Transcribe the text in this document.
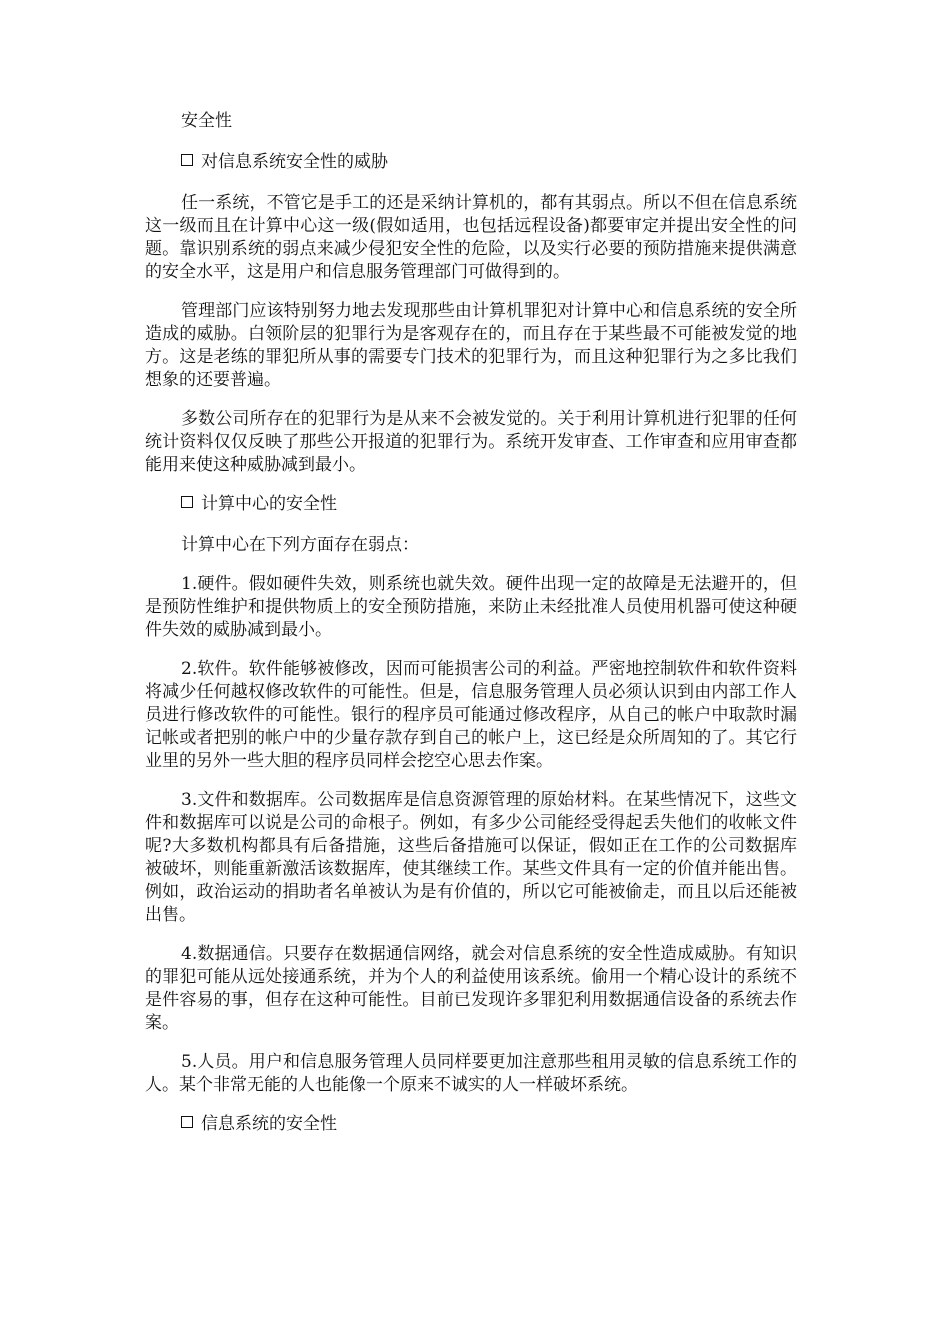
安全性

对信息系统安全性的威胁

任一系统，不管它是手工的还是采纳计算机的，都有其弱点。所以不但在信息系统这一级而且在计算中心这一级(假如适用，也包括远程设备)都要审定并提出安全性的问题。靠识别系统的弱点来减少侵犯安全性的危险，以及实行必要的预防措施来提供满意的安全水平，这是用户和信息服务管理部门可做得到的。

管理部门应该特别努力地去发现那些由计算机罪犯对计算中心和信息系统的安全所造成的威胁。白领阶层的犯罪行为是客观存在的，而且存在于某些最不可能被发觉的地方。这是老练的罪犯所从事的需要专门技术的犯罪行为，而且这种犯罪行为之多比我们想象的还要普遍。

多数公司所存在的犯罪行为是从来不会被发觉的。关于利用计算机进行犯罪的任何统计资料仅仅反映了那些公开报道的犯罪行为。系统开发审查、工作审查和应用审查都能用来使这种威胁减到最小。

计算中心的安全性

计算中心在下列方面存在弱点：

1.硬件。假如硬件失效，则系统也就失效。硬件出现一定的故障是无法避开的，但是预防性维护和提供物质上的安全预防措施，来防止未经批准人员使用机器可使这种硬件失效的威胁减到最小。

2.软件。软件能够被修改，因而可能损害公司的利益。严密地控制软件和软件资料将减少任何越权修改软件的可能性。但是，信息服务管理人员必须认识到由内部工作人员进行修改软件的可能性。银行的程序员可能通过修改程序，从自己的帐户中取款时漏记帐或者把别的帐户中的少量存款存到自己的帐户上，这已经是众所周知的了。其它行业里的另外一些大胆的程序员同样会挖空心思去作案。

3.文件和数据库。公司数据库是信息资源管理的原始材料。在某些情况下，这些文件和数据库可以说是公司的命根子。例如，有多少公司能经受得起丢失他们的收帐文件呢?大多数机构都具有后备措施，这些后备措施可以保证，假如正在工作的公司数据库被破坏，则能重新激活该数据库，使其继续工作。某些文件具有一定的价值并能出售。例如，政治运动的捐助者名单被认为是有价值的，所以它可能被偷走，而且以后还能被出售。

4.数据通信。只要存在数据通信网络，就会对信息系统的安全性造成威胁。有知识的罪犯可能从远处接通系统，并为个人的利益使用该系统。偷用一个精心设计的系统不是件容易的事，但存在这种可能性。目前已发现许多罪犯利用数据通信设备的系统去作案。

5.人员。用户和信息服务管理人员同样要更加注意那些租用灵敏的信息系统工作的人。某个非常无能的人也能像一个原来不诚实的人一样破坏系统。

信息系统的安全性
